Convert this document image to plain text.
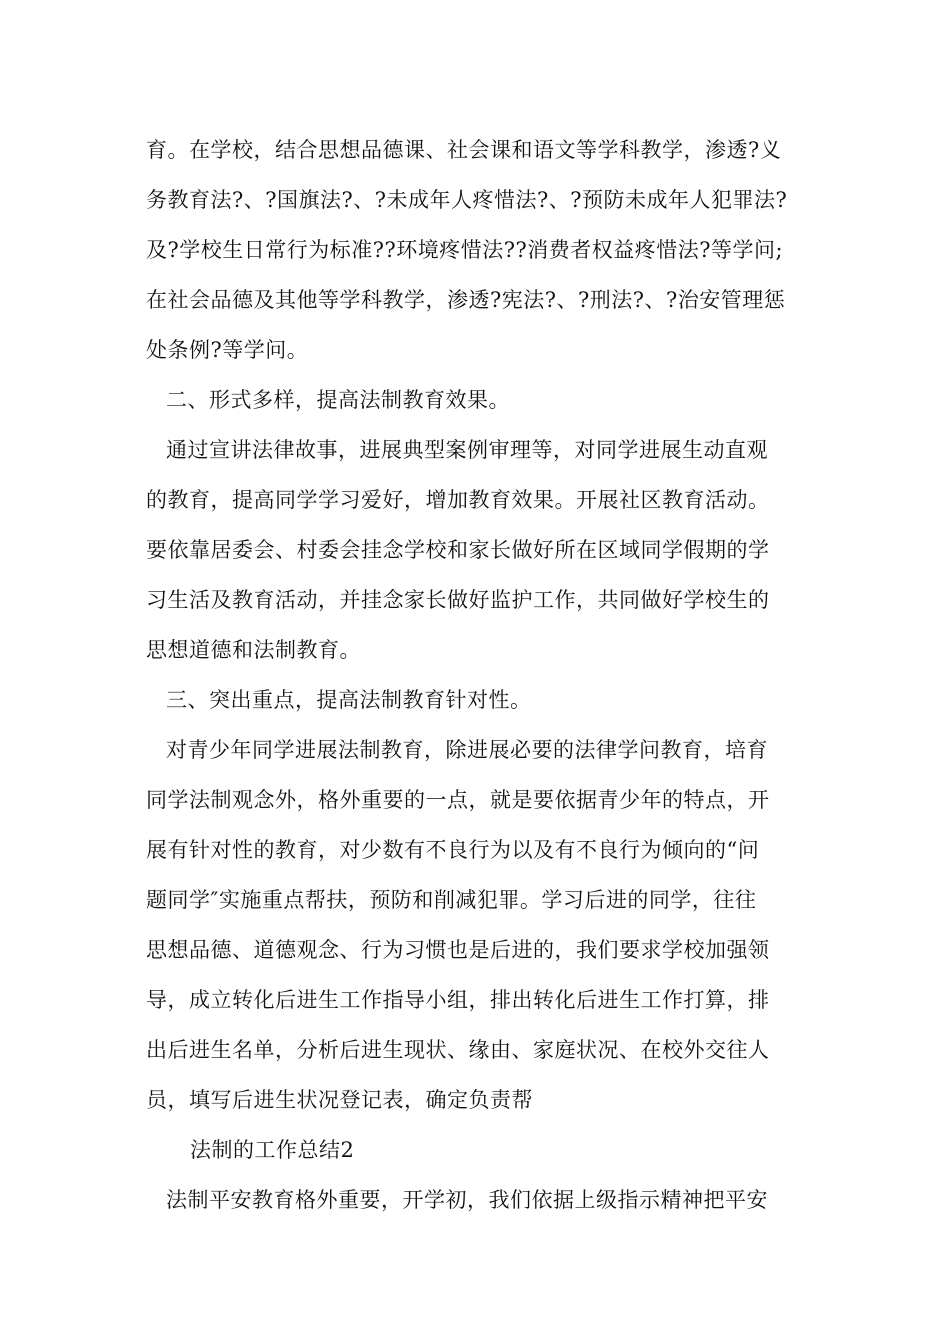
育。在学校，结合思想品德课、社会课和语文等学科教学，渗透?义
务教育法?、?国旗法?、?未成年人疼惜法?、?预防未成年人犯罪法?
及?学校生日常行为标准??环境疼惜法??消费者权益疼惜法?等学问;
在社会品德及其他等学科教学，渗透?宪法?、?刑法?、?治安管理惩
处条例?等学问。
二、形式多样，提高法制教育效果。
通过宣讲法律故事，进展典型案例审理等，对同学进展生动直观
的教育，提高同学学习爱好，增加教育效果。开展社区教育活动。
要依靠居委会、村委会挂念学校和家长做好所在区域同学假期的学
习生活及教育活动，并挂念家长做好监护工作，共同做好学校生的
思想道德和法制教育。
三、突出重点，提高法制教育针对性。
对青少年同学进展法制教育，除进展必要的法律学问教育，培育
同学法制观念外，格外重要的一点，就是要依据青少年的特点，开
展有针对性的教育，对少数有不良行为以及有不良行为倾向的“问
题同学″实施重点帮扶，预防和削减犯罪。学习后进的同学，往往
思想品德、道德观念、行为习惯也是后进的，我们要求学校加强领
导，成立转化后进生工作指导小组，排出转化后进生工作打算，排
出后进生名单，分析后进生现状、缘由、家庭状况、在校外交往人
员，填写后进生状况登记表，确定负责帮
法制的工作总结2
法制平安教育格外重要，开学初，我们依据上级指示精神把平安
